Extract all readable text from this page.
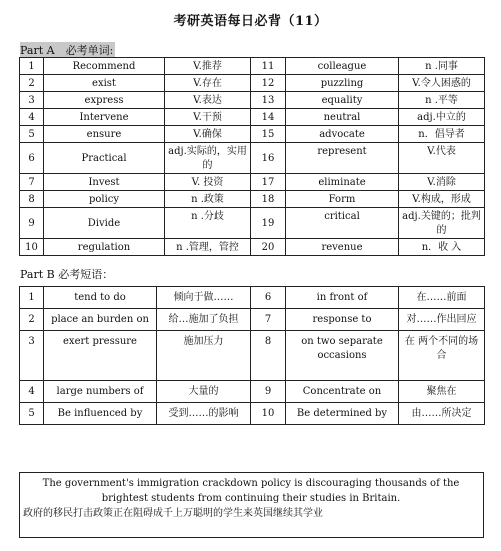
考研英语每日必背（11）
Part A　必考单词:
1	Recommend	V.推荐	11	colleague	n .同事
2	exist	V.存在	12	puzzling	V.令人困惑的
3	express	V.表达	13	equality	n .平等
4	Intervene	V.干预	14	neutral	adj.中立的
5	ensure	V.确保	15	advocate	n．倡导者
6	Practical	adj.实际的，实用的	16	represent	V.代表
7	Invest	V. 投资	17	eliminate	V.消除
8	policy	n .政策	18	Form	V.构成，形成
9	Divide	n .分歧	19	critical	adj.关键的；批判的
10	regulation	n .管理，管控	20	revenue	n．收 入
Part B 必考短语：
1	tend to do	倾向于做……	6	in front of	在……前面
2	place an burden on	给…施加了负担	7	response to	对……作出回应
3	exert pressure	施加压力	8	on two separate occasions	在 两个不同的场合
4	large numbers of	大量的	9	Concentrate on	聚焦在
5	Be influenced by	受到……的影响	10	Be determined by	由……所决定
The government's immigration crackdown policy is discouraging thousands of the brightest students from continuing their studies in Britain.
政府的移民打击政策正在阻碍成千上万聪明的学生来英国继续其学业
